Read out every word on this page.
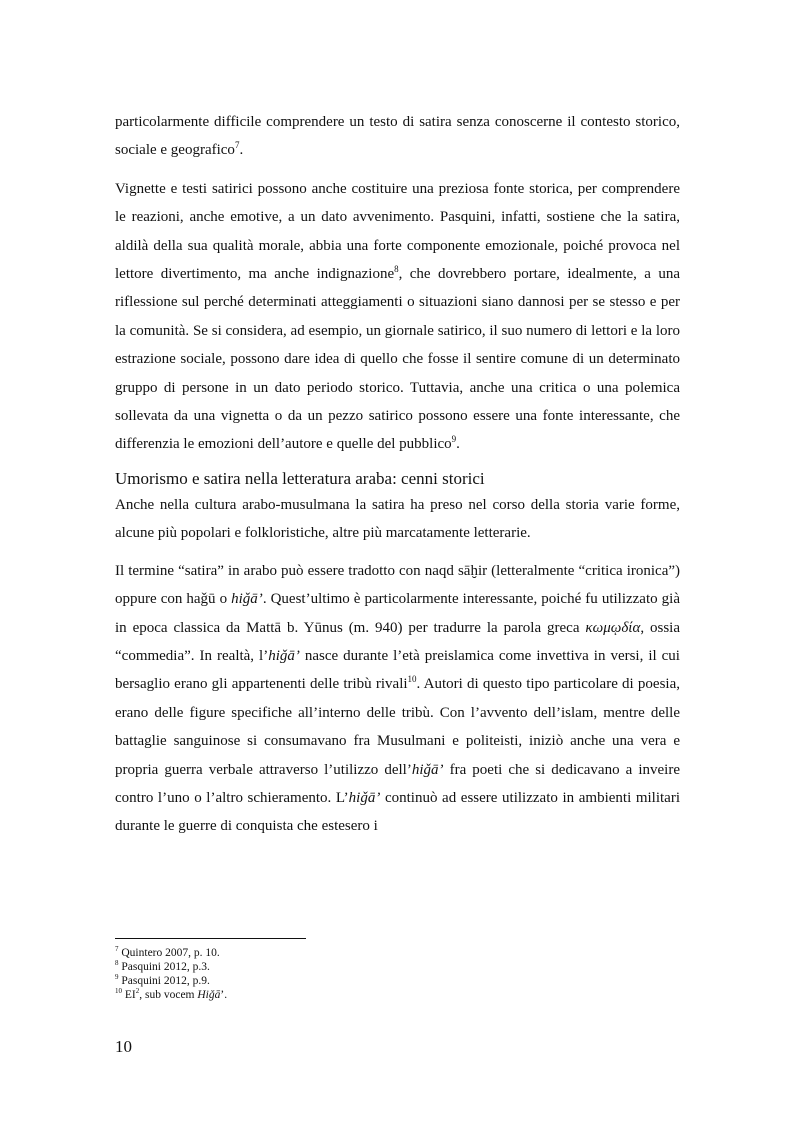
particolarmente difficile comprendere un testo di satira senza conoscerne il contesto storico, sociale e geografico$^7$.

Vignette e testi satirici possono anche costituire una preziosa fonte storica, per comprendere le reazioni, anche emotive, a un dato avvenimento. Pasquini, infatti, sostiene che la satira, aldilà della sua qualità morale, abbia una forte componente emozionale, poiché provoca nel lettore divertimento, ma anche indignazione$^8$, che dovrebbero portare, idealmente, a una riflessione sul perché determinati atteggiamenti o situazioni siano dannosi per se stesso e per la comunità. Se si considera, ad esempio, un giornale satirico, il suo numero di lettori e la loro estrazione sociale, possono dare idea di quello che fosse il sentire comune di un determinato gruppo di persone in un dato periodo storico. Tuttavia, anche una critica o una polemica sollevata da una vignetta o da un pezzo satirico possono essere una fonte interessante, che differenzia le emozioni dell’autore e quelle del pubblico$^9$.

Umorismo e satira nella letteratura araba: cenni storici

Anche nella cultura arabo-musulmana la satira ha preso nel corso della storia varie forme, alcune più popolari e folkloristiche, altre più marcatamente letterarie.

Il termine “satira” in arabo può essere tradotto con naqd sāḫir (letteralmente “critica ironica”) oppure con haǧū o hiǧā’. Quest’ultimo è particolarmente interessante, poiché fu utilizzato già in epoca classica da Mattā b. Yūnus (m. 940) per tradurre la parola greca κωμῳδία, ossia “commedia”. In realtà, l’hiǧā’ nasce durante l’età preislamica come invettiva in versi, il cui bersaglio erano gli appartenenti delle tribù rivali$^{10}$. Autori di questo tipo particolare di poesia, erano delle figure specifiche all’interno delle tribù. Con l’avvento dell’islam, mentre delle battaglie sanguinose si consumavano fra Musulmani e politeisti, iniziò anche una vera e propria guerra verbale attraverso l’utilizzo dell’hiǧā’ fra poeti che si dedicavano a inveire contro l’uno o l’altro schieramento. L’hiǧā’ continuò ad essere utilizzato in ambienti militari durante le guerre di conquista che estesero i

$^7$ Quintero 2007, p. 10.
$^8$ Pasquini 2012, p.3.
$^9$ Pasquini 2012, p.9.
$^{10}$ $EI^2$, sub vocem Hiǧā’.
10
